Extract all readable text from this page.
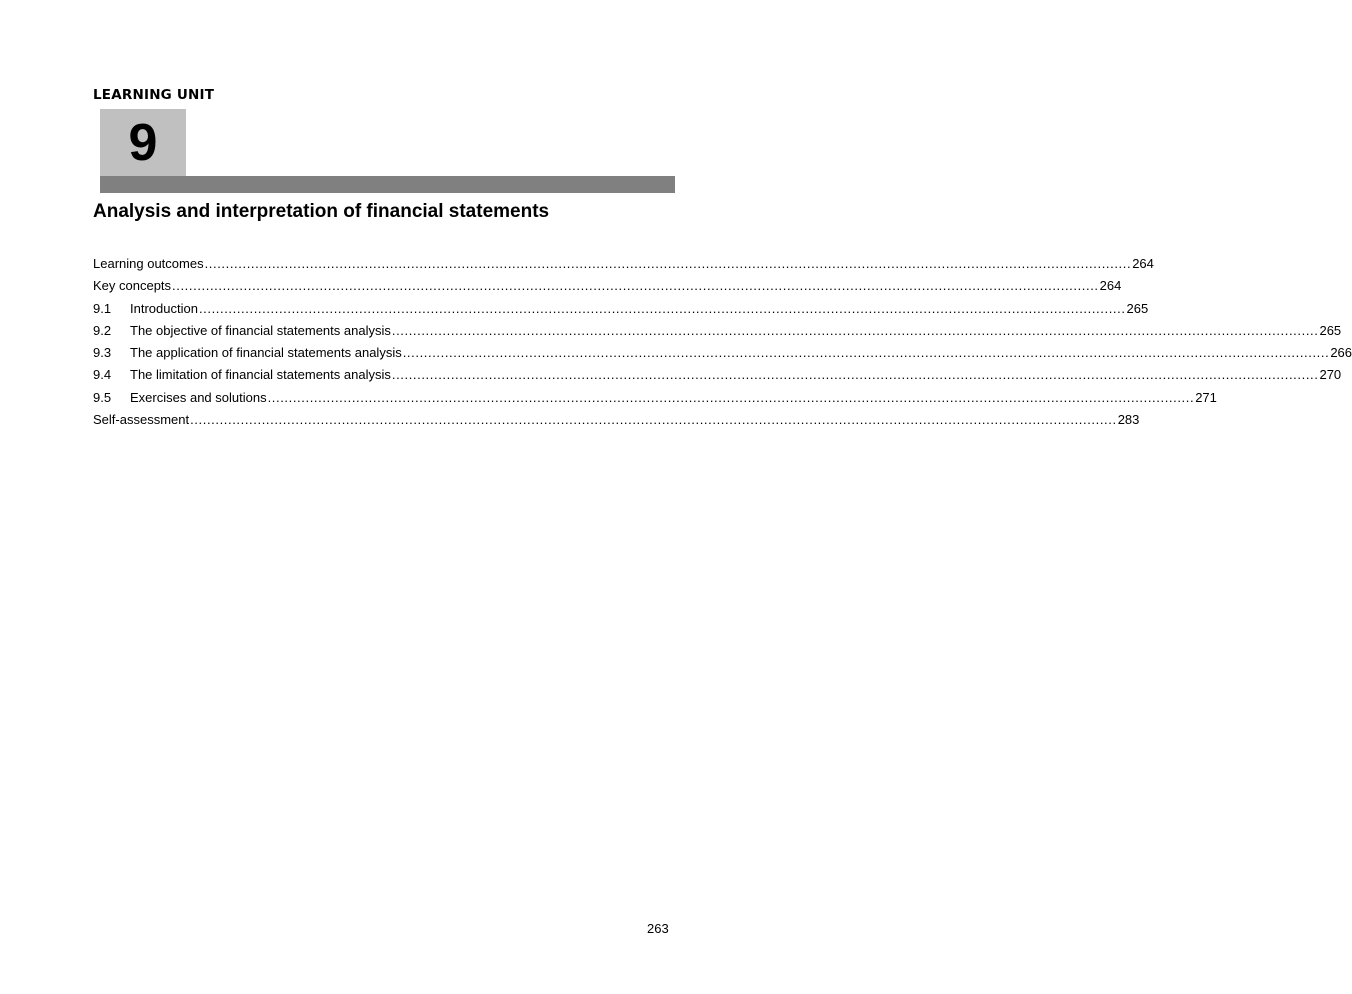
LEARNING UNIT
9
Analysis and interpretation of financial statements
Learning outcomes ............................................................................................................................................................................................................................ 264
Key concepts ............................................................................................................................................................................................................................ 264
9.1	Introduction ............................................................................................................................................................................................................................ 265
9.2	The objective of financial statements analysis ............................................................................................................................................................................................................................ 265
9.3	The application of financial statements analysis ............................................................................................................................................................................................................................ 266
9.4	The limitation of financial statements analysis ............................................................................................................................................................................................................................ 270
9.5	Exercises and solutions ............................................................................................................................................................................................................................ 271
Self-assessment ............................................................................................................................................................................................................................ 283
263
